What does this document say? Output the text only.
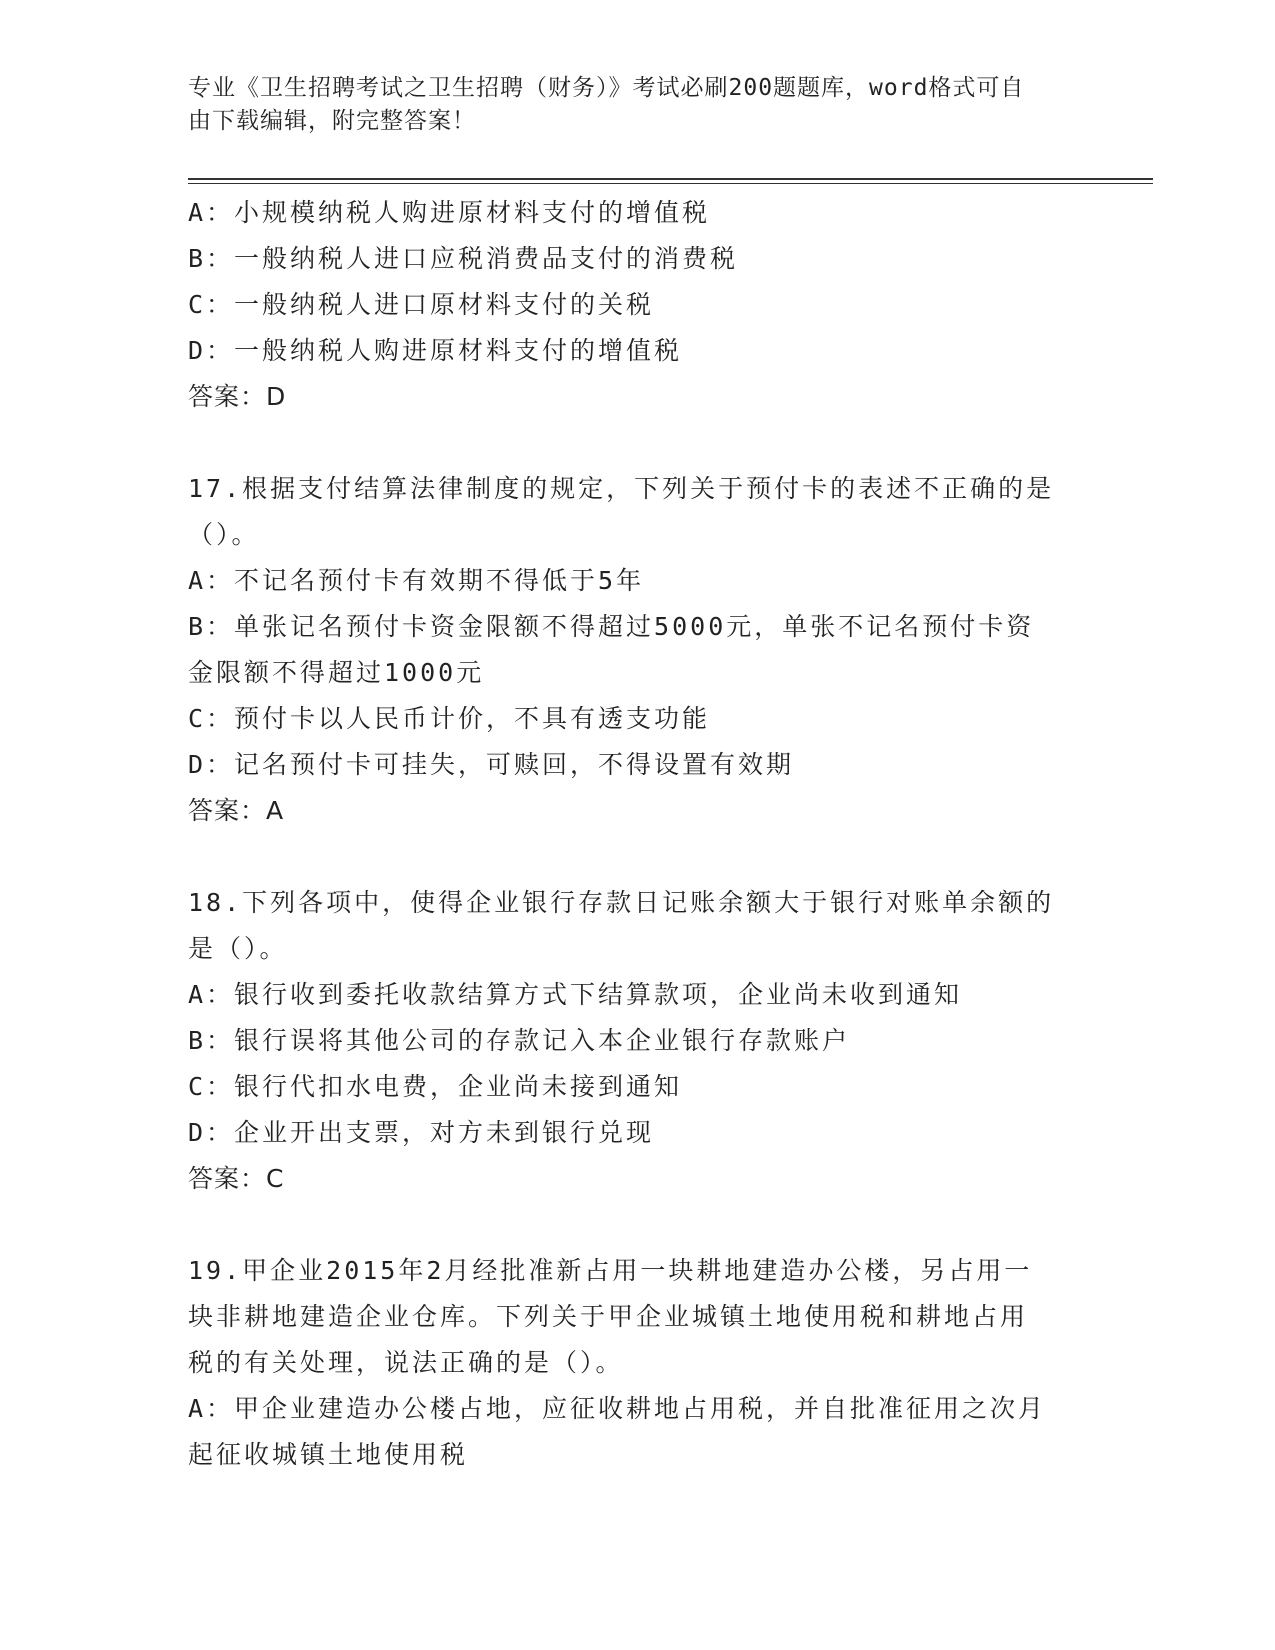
专业《卫生招聘考试之卫生招聘（财务）》考试必刷200题题库，word格式可自
由下载编辑，附完整答案！
A：小规模纳税人购进原材料支付的增值税
B：一般纳税人进口应税消费品支付的消费税
C：一般纳税人进口原材料支付的关税
D：一般纳税人购进原材料支付的增值税
答案：D
17.根据支付结算法律制度的规定，下列关于预付卡的表述不正确的是
（）。
A：不记名预付卡有效期不得低于5年
B：单张记名预付卡资金限额不得超过5000元，单张不记名预付卡资
金限额不得超过1000元
C：预付卡以人民币计价，不具有透支功能
D：记名预付卡可挂失，可赎回，不得设置有效期
答案：A
18.下列各项中，使得企业银行存款日记账余额大于银行对账单余额的
是（）。
A：银行收到委托收款结算方式下结算款项，企业尚未收到通知
B：银行误将其他公司的存款记入本企业银行存款账户
C：银行代扣水电费，企业尚未接到通知
D：企业开出支票，对方未到银行兑现
答案：C
19.甲企业2015年2月经批准新占用一块耕地建造办公楼，另占用一
块非耕地建造企业仓库。下列关于甲企业城镇土地使用税和耕地占用
税的有关处理，说法正确的是（）。
A：甲企业建造办公楼占地，应征收耕地占用税，并自批准征用之次月
起征收城镇土地使用税
